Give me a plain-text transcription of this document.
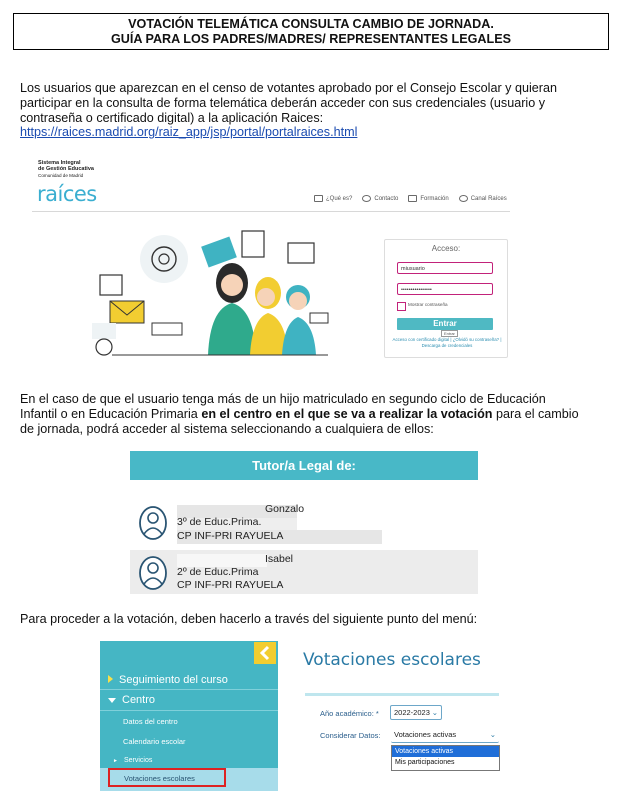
VOTACIÓN TELEMÁTICA CONSULTA CAMBIO DE JORNADA.
GUÍA PARA LOS PADRES/MADRES/ REPRESENTANTES LEGALES
Los usuarios que aparezcan en el censo de votantes aprobado por el Consejo Escolar y quieran
participar en la consulta de forma telemática deberán acceder con sus credenciales (usuario y
contraseña o certificado digital) a la aplicación Raices:
https://raices.madrid.org/raiz_app/jsp/portal/portalraices.html
Sistema Integral
de Gestión Educativa
Comunidad de Madrid
raíces	¿Qué es?	Contacto	Formación	Canal Raíces
Acceso:
miusuario
••••••••••••••••
Mostrar contraseña
Entrar
Entrar
Acceso con certificado digital | ¿Olvidó su contraseña? | Descarga de credenciales
En el caso de que el usuario tenga más de un hijo matriculado en segundo ciclo de Educación
Infantil o en Educación Primaria en el centro en el que se va a realizar la votación para el cambio
de jornada, podrá acceder al sistema seleccionando a cualquiera de ellos:
Tutor/a Legal de:
Gonzalo
3º de Educ.Prima.
CP INF-PRI RAYUELA
Isabel
2º de Educ.Prima
CP INF-PRI RAYUELA
Para proceder a la votación, deben hacerlo a través del siguiente punto del menú:
Seguimiento del curso
Centro
Datos del centro
Calendario escolar
► Servicios
Votaciones escolares
Votaciones escolares
Año académico: *	2022-2023 ⌄
Considerar Datos:	Votaciones activas	⌄
Votaciones activas
Mis participaciones
